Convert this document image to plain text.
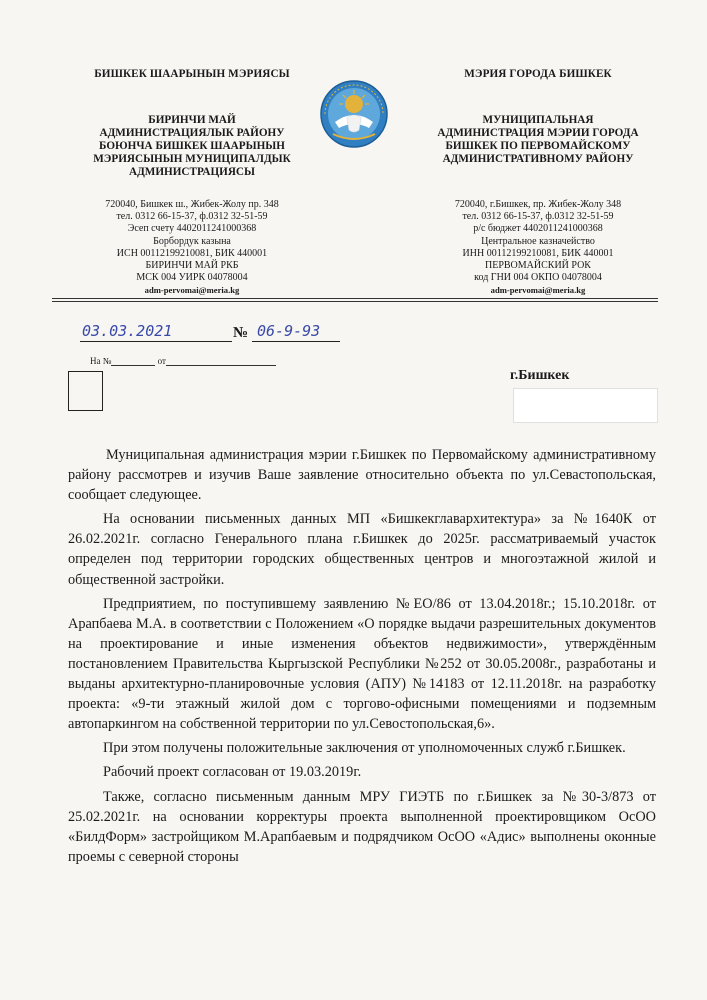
БИШКЕК ШААРЫНЫН МЭРИЯСЫ
БИРИНЧИ МАЙ
АДМИНИСТРАЦИЯЛЫК РАЙОНУ
БОЮНЧА БИШКЕК ШААРЫНЫН
МЭРИЯСЫНЫН МУНИЦИПАЛДЫК
АДМИНИСТРАЦИЯСЫ
720040, Бишкек ш., Жибек-Жолу пр. 348
тел. 0312 66-15-37, ф.0312 32-51-59
Эсеп счету 4402011241000368
Борбордук казына
ИСН 00112199210081, БИК 440001
БИРИНЧИ МАЙ РКБ
МСК 004 УИРК 04078004
adm-pervomai@meria.kg
МЭРИЯ ГОРОДА БИШКЕК
МУНИЦИПАЛЬНАЯ
АДМИНИСТРАЦИЯ МЭРИИ ГОРОДА
БИШКЕК ПО ПЕРВОМАЙСКОМУ
АДМИНИСТРАТИВНОМУ РАЙОНУ
720040, г.Бишкек, пр. Жибек-Жолу 348
тел. 0312 66-15-37, ф.0312 32-51-59
р/с бюджет 4402011241000368
Центральное казначейство
ИНН 00112199210081, БИК 440001
ПЕРВОМАЙСКИЙ РОК
код ГНИ 004 ОКПО 04078004
adm-pervomai@meria.kg
03.03.2021	№ 06-9-93
На №	от
г.Бишкек

Муниципальная администрация мэрии г.Бишкек по Первомайскому административному району рассмотрев и изучив Ваше заявление относительно объекта по ул.Севастопольская, сообщает следующее.

На основании письменных данных МП «Бишкекглавархитектура» за №1640К от 26.02.2021г. согласно Генерального плана г.Бишкек до 2025г. рассматриваемый участок определен под территории городских общественных центров и многоэтажной жилой и общественной застройки.

Предприятием, по поступившему заявлению №ЕО/86 от 13.04.2018г.; 15.10.2018г. от Арапбаева М.А. в соответствии с Положением «О порядке выдачи разрешительных документов на проектирование и иные изменения объектов недвижимости», утверждённым постановлением Правительства Кыргызской Республики №252 от 30.05.2008г., разработаны и выданы архитектурно-планировочные условия (АПУ) №14183 от 12.11.2018г. на разработку проекта: «9-ти этажный жилой дом с торгово-офисными помещениями и подземным автопаркингом на собственной территории по ул.Севостопольская,6».

При этом получены положительные заключения от уполномоченных служб г.Бишкек.

Рабочий проект согласован от 19.03.2019г.

Также, согласно письменным данным МРУ ГИЭТБ по г.Бишкек за №30-3/873 от 25.02.2021г. на основании корректуры проекта выполненной проектировщиком ОсОО «БилдФорм» застройщиком М.Арапбаевым и подрядчиком ОсОО «Адис» выполнены оконные проемы с северной стороны
